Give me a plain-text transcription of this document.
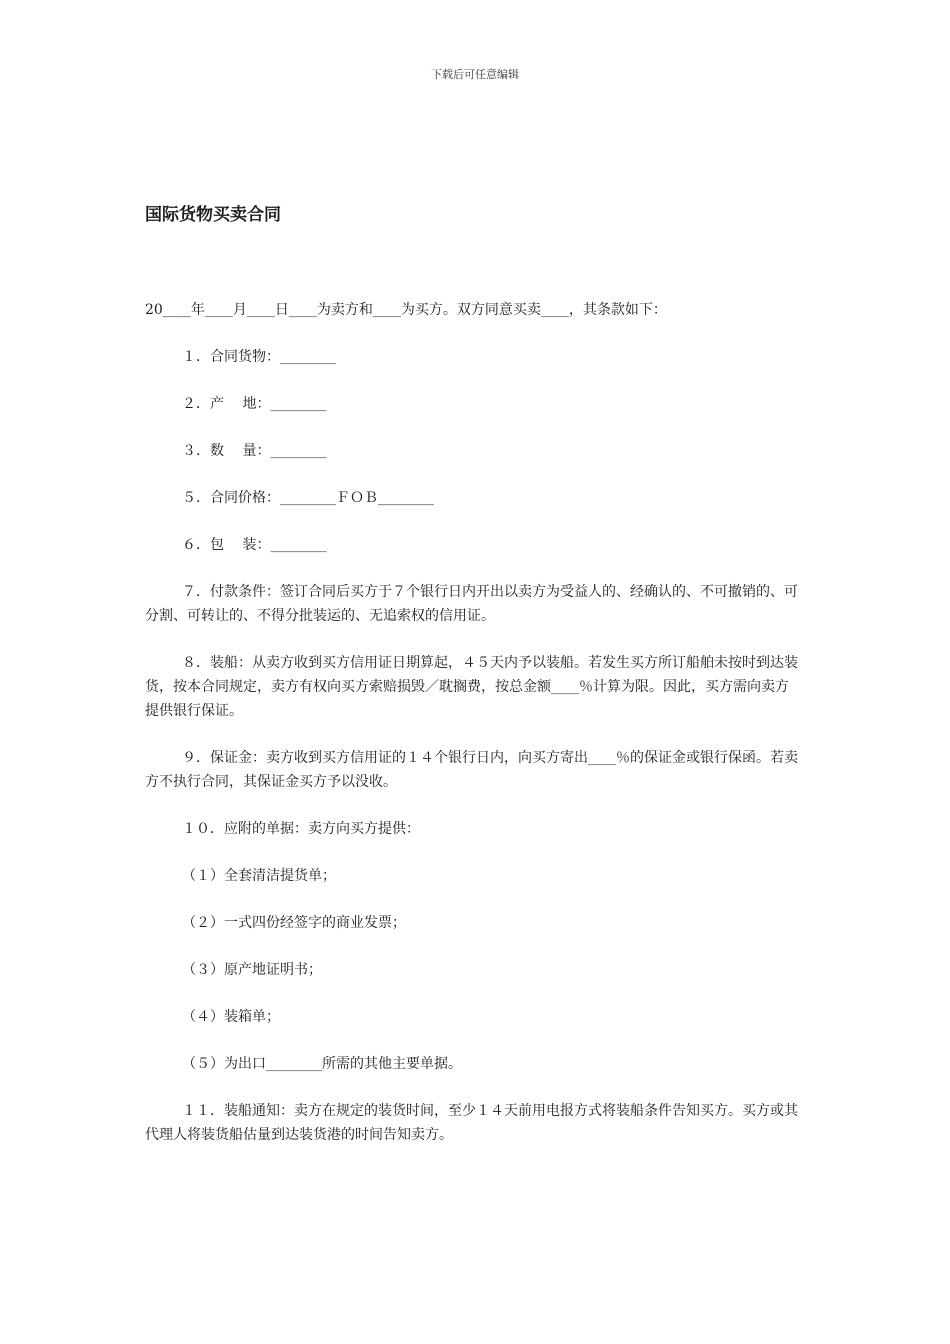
下载后可任意编辑
国际货物买卖合同

20____年____月____日____为卖方和____为买方。双方同意买卖____，其条款如下：

１．合同货物：________

２．产　 地：________

３．数　 量：________

５．合同价格：________ＦＯＢ________

６．包　 装：________

７．付款条件：签订合同后买方于７个银行日内开出以卖方为受益人的、经确认的、不可撤销的、可分割、可转让的、不得分批装运的、无追索权的信用证。

８．装船：从卖方收到买方信用证日期算起，４５天内予以装船。若发生买方所订船舶未按时到达装货，按本合同规定，卖方有权向买方索赔损毁／耽搁费，按总金额____％计算为限。因此，买方需向卖方提供银行保证。

９．保证金：卖方收到买方信用证的１４个银行日内，向买方寄出____％的保证金或银行保函。若卖方不执行合同，其保证金买方予以没收。

１０．应附的单据：卖方向买方提供：

（１）全套清洁提货单；

（２）一式四份经签字的商业发票；

（３）原产地证明书；

（４）装箱单；

（５）为出口________所需的其他主要单据。

１１．装船通知：卖方在规定的装货时间，至少１４天前用电报方式将装船条件告知买方。买方或其代理人将装货船估量到达装货港的时间告知卖方。
